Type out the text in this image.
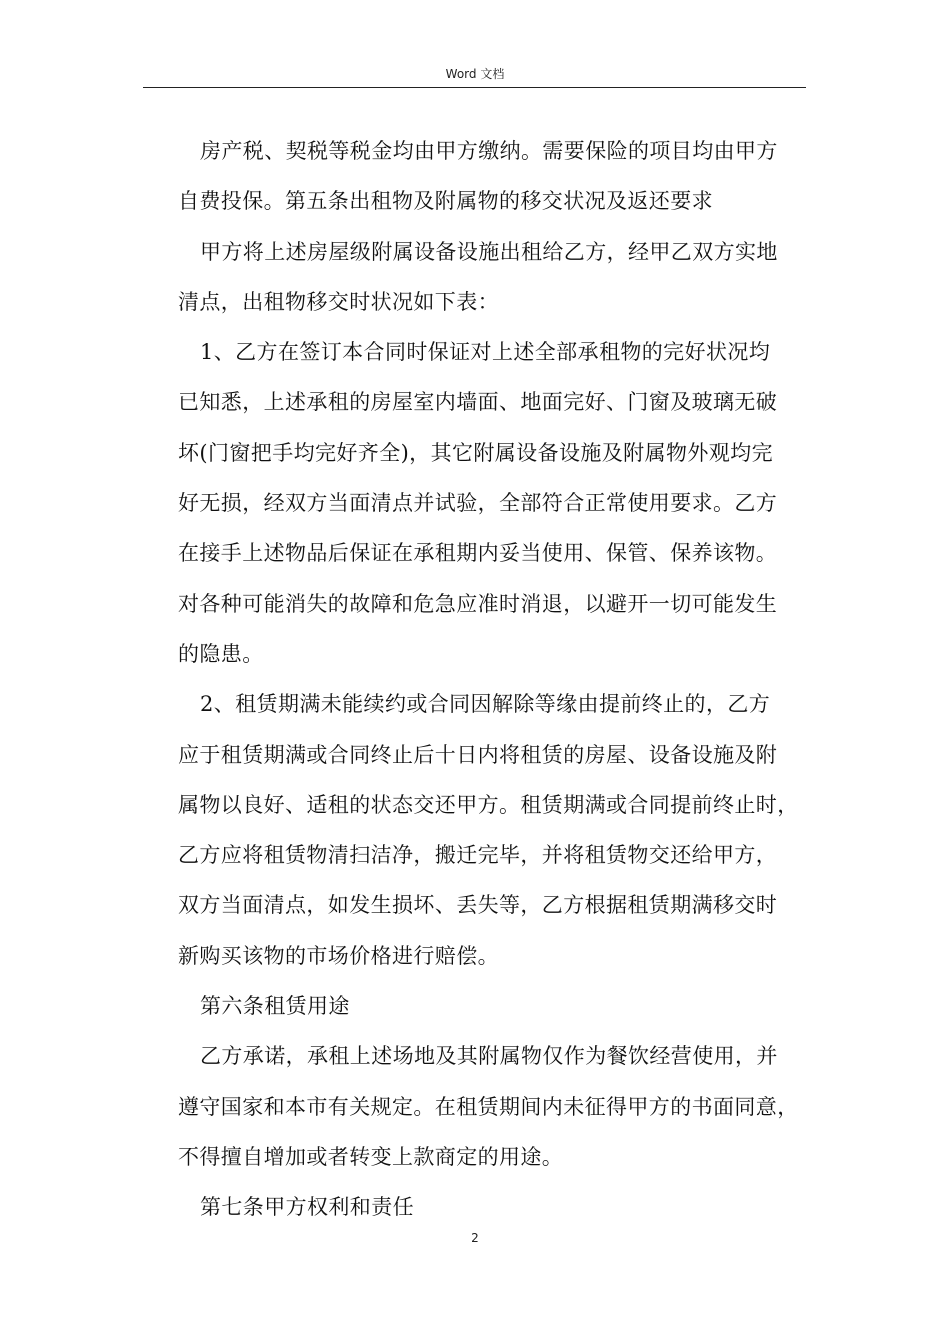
Word 文档
房产税、契税等税金均由甲方缴纳。需要保险的项目均由甲方
自费投保。第五条出租物及附属物的移交状况及返还要求
甲方将上述房屋级附属设备设施出租给乙方，经甲乙双方实地
清点，出租物移交时状况如下表：
1、乙方在签订本合同时保证对上述全部承租物的完好状况均
已知悉，上述承租的房屋室内墙面、地面完好、门窗及玻璃无破
坏(门窗把手均完好齐全)，其它附属设备设施及附属物外观均完
好无损，经双方当面清点并试验，全部符合正常使用要求。乙方
在接手上述物品后保证在承租期内妥当使用、保管、保养该物。
对各种可能消失的故障和危急应准时消退，以避开一切可能发生
的隐患。
2、租赁期满未能续约或合同因解除等缘由提前终止的，乙方
应于租赁期满或合同终止后十日内将租赁的房屋、设备设施及附
属物以良好、适租的状态交还甲方。租赁期满或合同提前终止时，
乙方应将租赁物清扫洁净，搬迁完毕，并将租赁物交还给甲方，
双方当面清点，如发生损坏、丢失等，乙方根据租赁期满移交时
新购买该物的市场价格进行赔偿。
第六条租赁用途
乙方承诺，承租上述场地及其附属物仅作为餐饮经营使用，并
遵守国家和本市有关规定。在租赁期间内未征得甲方的书面同意，
不得擅自增加或者转变上款商定的用途。
第七条甲方权利和责任
2
